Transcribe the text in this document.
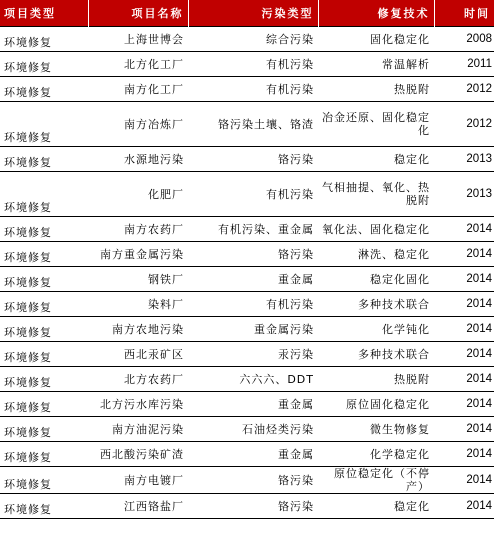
项目类型	项目名称	污染类型	修复技术	时间
环境修复	上海世博会	综合污染	固化稳定化	2008
环境修复	北方化工厂	有机污染	常温解析	2011
环境修复	南方化工厂	有机污染	热脱附	2012
环境修复	南方冶炼厂	铬污染土壤、铬渣	冶金还原、固化稳定化	2012
环境修复	水源地污染	铬污染	稳定化	2013
环境修复	化肥厂	有机污染	气相抽提、氧化、热脱附	2013
环境修复	南方农药厂	有机污染、重金属	氧化法、固化稳定化	2014
环境修复	南方重金属污染	铬污染	淋洗、稳定化	2014
环境修复	钢铁厂	重金属	稳定化固化	2014
环境修复	染料厂	有机污染	多种技术联合	2014
环境修复	南方农地污染	重金属污染	化学钝化	2014
环境修复	西北汞矿区	汞污染	多种技术联合	2014
环境修复	北方农药厂	六六六、DDT	热脱附	2014
环境修复	北方污水库污染	重金属	原位固化稳定化	2014
环境修复	南方油泥污染	石油烃类污染	微生物修复	2014
环境修复	西北酸污染矿渣	重金属	化学稳定化	2014
环境修复	南方电镀厂	铬污染	原位稳定化（不停产）	2014
环境修复	江西铬盐厂	铬污染	稳定化	2014
